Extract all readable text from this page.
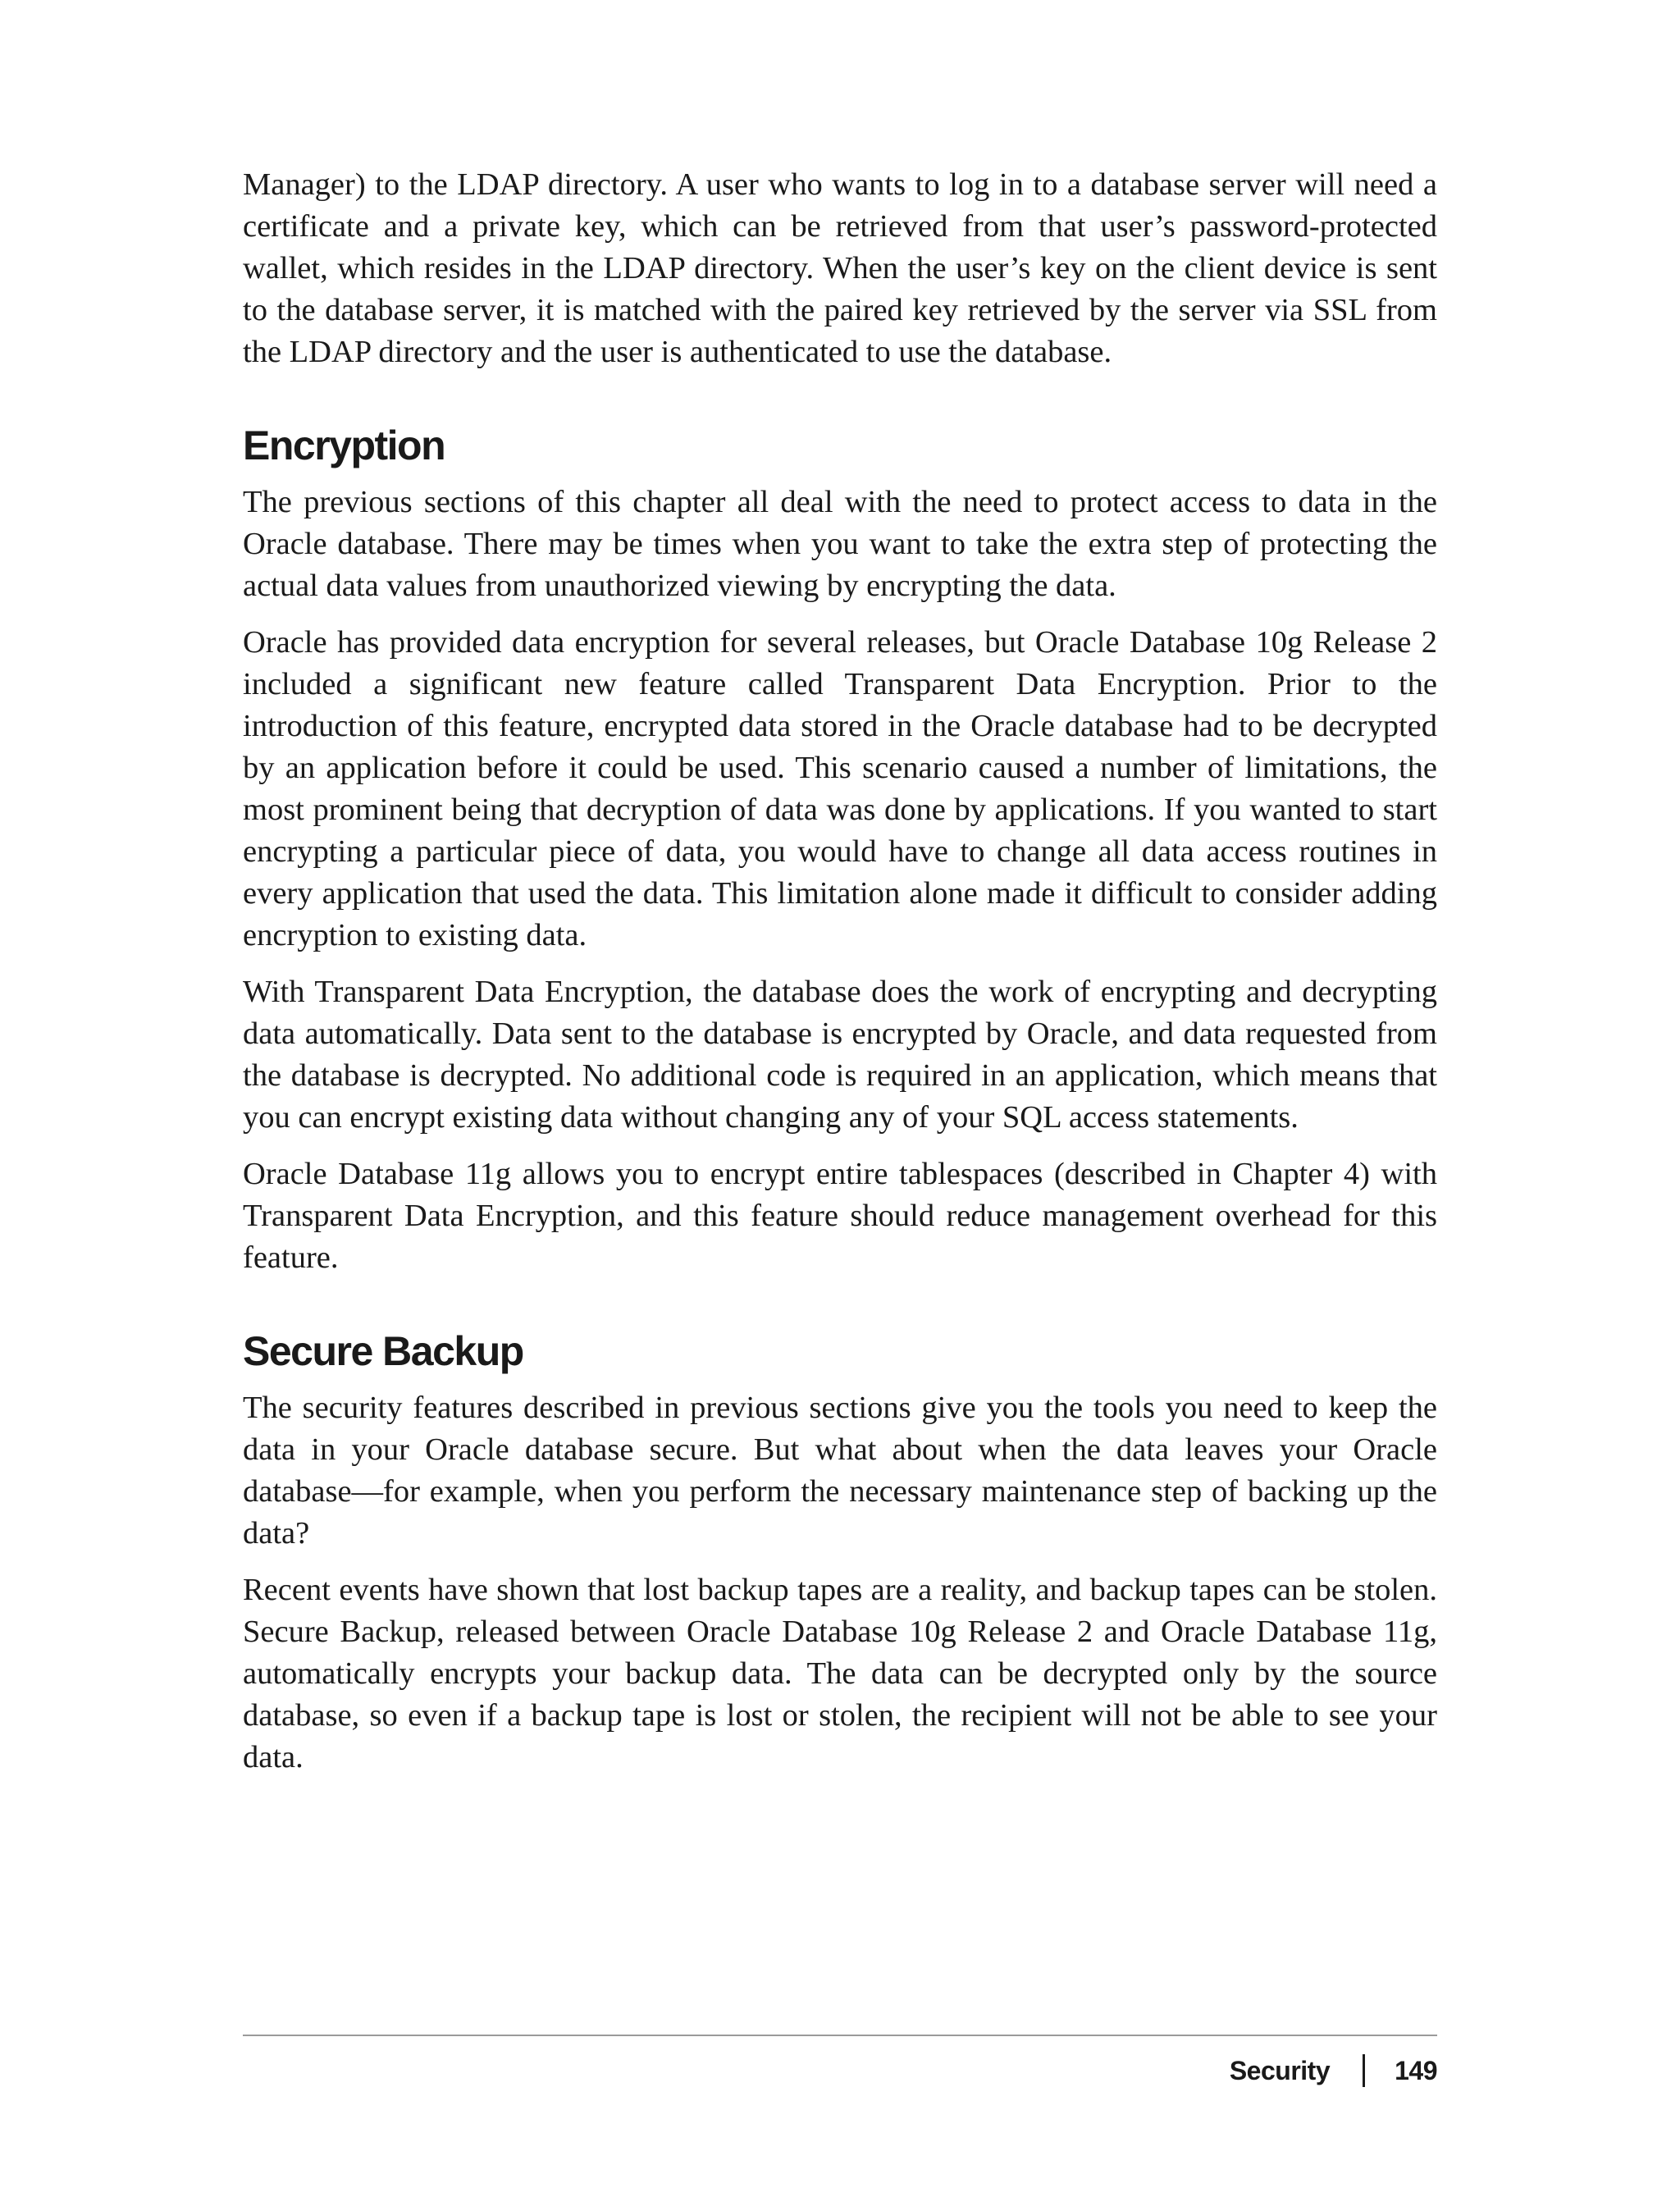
Manager) to the LDAP directory. A user who wants to log in to a database server will need a certificate and a private key, which can be retrieved from that user’s password-protected wallet, which resides in the LDAP directory. When the user’s key on the client device is sent to the database server, it is matched with the paired key retrieved by the server via SSL from the LDAP directory and the user is authenticated to use the database.

Encryption

The previous sections of this chapter all deal with the need to protect access to data in the Oracle database. There may be times when you want to take the extra step of protecting the actual data values from unauthorized viewing by encrypting the data.

Oracle has provided data encryption for several releases, but Oracle Database 10g Release 2 included a significant new feature called Transparent Data Encryption. Prior to the introduction of this feature, encrypted data stored in the Oracle database had to be decrypted by an application before it could be used. This scenario caused a number of limitations, the most prominent being that decryption of data was done by applications. If you wanted to start encrypting a particular piece of data, you would have to change all data access routines in every application that used the data. This limitation alone made it difficult to consider adding encryption to existing data.

With Transparent Data Encryption, the database does the work of encrypting and decrypting data automatically. Data sent to the database is encrypted by Oracle, and data requested from the database is decrypted. No additional code is required in an application, which means that you can encrypt existing data without changing any of your SQL access statements.

Oracle Database 11g allows you to encrypt entire tablespaces (described in Chapter 4) with Transparent Data Encryption, and this feature should reduce management overhead for this feature.

Secure Backup

The security features described in previous sections give you the tools you need to keep the data in your Oracle database secure. But what about when the data leaves your Oracle database—for example, when you perform the necessary maintenance step of backing up the data?

Recent events have shown that lost backup tapes are a reality, and backup tapes can be stolen. Secure Backup, released between Oracle Database 10g Release 2 and Oracle Database 11g, automatically encrypts your backup data. The data can be decrypted only by the source database, so even if a backup tape is lost or stolen, the recipient will not be able to see your data.

Security 149
